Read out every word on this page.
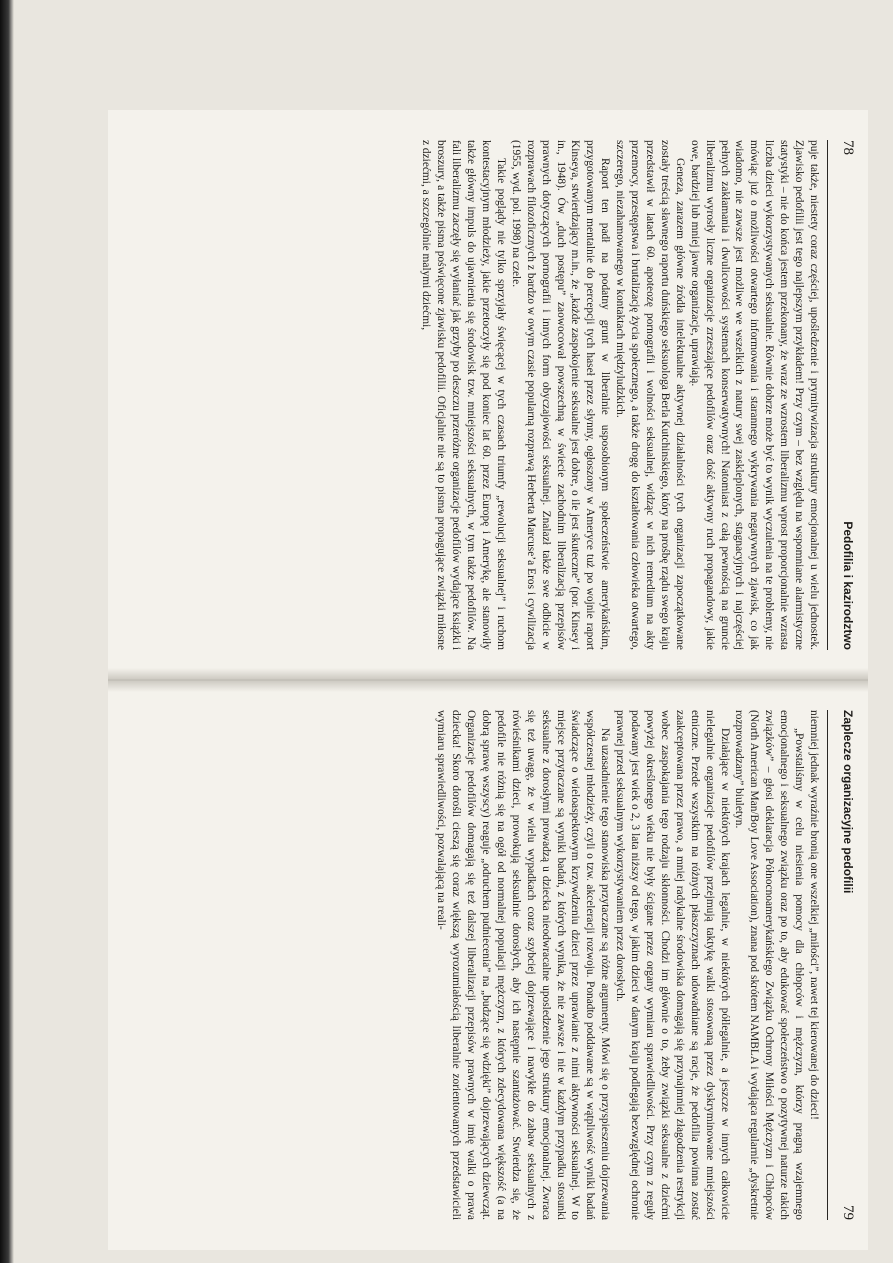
78
Pedofilia i kazirodztwo

puje także, niestety coraz częściej, upośledzenie i prymitywizacja struktury emocjonalnej u wielu jednostek. Zjawisko pedofilii jest tego najlepszym przykładem! Przy czym – bez względu na wspomniane alarmistyczne statystyki – nie do końca jestem przekonany, że wraz ze wzrostem liberalizmu wprost proporcjonalnie wzrasta liczba dzieci wykorzystywanych seksualnie. Równie dobrze może być to wynik wyczulenia na te problemy, nie mówiąc już o możliwości otwartego informowania i starannego wykrywania negatywnych zjawisk, co jak wiadomo, nie zawsze jest możliwe we wszelkich z natury swej zaskleplonych, stagnacyjnych i najczęściej pełnych zakłamania i dwulicowości systemach konserwatywnych! Natomiast z całą pewnością na gruncie liberalizmu wyrosły liczne organizacje zrzeszające pedofilów oraz dość aktywny ruch propagandowy, jakie owe, bardziej lub mniej jawne organizacje, uprawiają.

Geneza, zarazem główne źródła intelektualne aktywnej działalności tych organizacji zapoczątkowane zostały treścią sławnego raportu duńskiego seksuologa Berla Kutchinskiego, który na prośbę rządu swego kraju przedstawił w latach 60. apoteozę pornografii i wolności seksualnej, widząc w nich remedium na akty przemocy, przestępstwa i brutalizację życia społecznego, a także drogę do kształtowania człowieka otwartego, szczerego, niezahamowanego w kontaktach międzyludzkich.

Raport ten padł na podatny grunt w liberalnie usposobionym społeczeństwie amerykańskim, przygotowanym mentalnie do percepcji tych haseł przez słynny, ogłoszony w Ameryce tuż po wojnie raport Kinseya, stwierdzający m.in., że „każde zaspokojenie seksualne jest dobre, o ile jest skuteczne” (por. Kinsey i in., 1948). Ów „duch postępu” zaowocował powszechną w świecie zachodnim liberalizacją przepisów prawnych dotyczących pornografii i innych form obyczajowości seksualnej. Znalazł także swe odbicie w rozprawach filozoficznych z bardzo w owym czasie popularną rozprawą Herberta Marcuse’a Eros i cywilizacja (1955, wyd. pol. 1998) na czele.

Takie poglądy nie tylko sprzyjały święcącej w tych czasach triumfy „rewolucji seksualnej” i ruchom kontestacyjnym młodzieży, jakie przetoczyły się pod koniec lat 60. przez Europę i Amerykę, ale stanowiły także główny impuls do ujawnienia się środowisk tzw. mniejszości seksualnych, w tym także pedofilów. Na fali liberalizmu zaczęły się wyłaniać jak grzyby po deszczu przeróżne organizacje pedofilów wydające książki i broszury, a także pisma poświęcone zjawisku pedofilii. Oficjalnie nie są to pisma propagujące związki miłosne z dziećmi, a szczególnie malymi dziećmi,

Zaplecze organizacyjne pedofilii
79

niemniej jednak wyraźnie bronią one wszelkiej „miłości”, nawet tej kierowanej do dzieci!

„Powstaliśmy w celu niesienia pomocy dla chłopców i mężczyzn, którzy pragną wzajemnego emocjonalnego i seksualnego związku oraz po to, aby edukować społeczeństwo o pozytywnej naturze takich związków” – głosi deklaracja Północnoamerykańskiego Związku Ochrony Miłości Mężczyzn i Chłopców (North American Man/Boy Love Association), znana pod skrótem NAMBLA i wydająca regularnie „dyskretnie rozprowadzany” biuletyn.

Działające w niektórych krajach legalnie, w niektórych półlegalnie, a jeszcze w innych całkowicie nielegalnie organizacje pedofilów przejmują taktykę walki stosowaną przez dyskryminowane mniejszości etniczne. Przede wszystkim na różnych płaszczyznach udowadniane są racje, że pedofilia powinna zostać zaakceptowana przez prawo, a mniej radykalne środowiska domagają się przynajmniej złagodzenia restrykcji wobec zaspokajania tego rodzaju skłonności. Chodzi im głównie o to, żeby związki seksualne z dziećmi powyżej określonego wieku nie były ścigane przez organy wymiaru sprawiedliwości. Przy czym z reguły podawany jest wiek o 2, 3 lata niższy od tego, w jakim dzieci w danym kraju podlegają bezwzględnej ochronie prawnej przed seksualnym wykorzystywaniem przez dorosłych.

Na uzasadnienie tego stanowiska przytaczane są różne argumenty. Mówi się o przyspieszeniu dojrzewania współczesnej młodzieży, czyli o tzw. akceleracji rozwoju. Ponadto poddawane są w wątpliwość wyniki badań świadczące o wieloaspektowym krzywdzeniu dzieci przez uprawianie z nimi aktywności seksualnej. W to miejsce przytaczane są wyniki badań, z których wynika, że nie zawsze i nie w każdym przypadku stosunki seksualne z dorosłymi prowadzą u dziecka nieodwracalne uposledzenie jego struktury emocjonalnej. Zwraca się też uwagę, że w wielu wypadkach coraz szybciej dojrzewające i nawykłe do zabaw seksualnych z rówieśnikami dzieci, prowokują seksualnie dorosłych, aby ich następnie szantażować. Stwierdza się, że pedofile nie różnią się na ogół od normalnej populacji mężczyzn, z których zdecydowana większość (a na dobrą sprawę wszyscy) reaguje „odruchem pudniecenia” na „budzące się wdzięki” dojrzewających dziewcząt. Organizacje pedofilów domagają się też dalszej liberalizacji przepisów prawnych w imię walki o prawa dziecka! Skoro dorośli cieszą się coraz większą wyrozumiałością liberalnie zorientowanych przedstawicieli wymiaru sprawiedliwości, pozwalającą na reali-
